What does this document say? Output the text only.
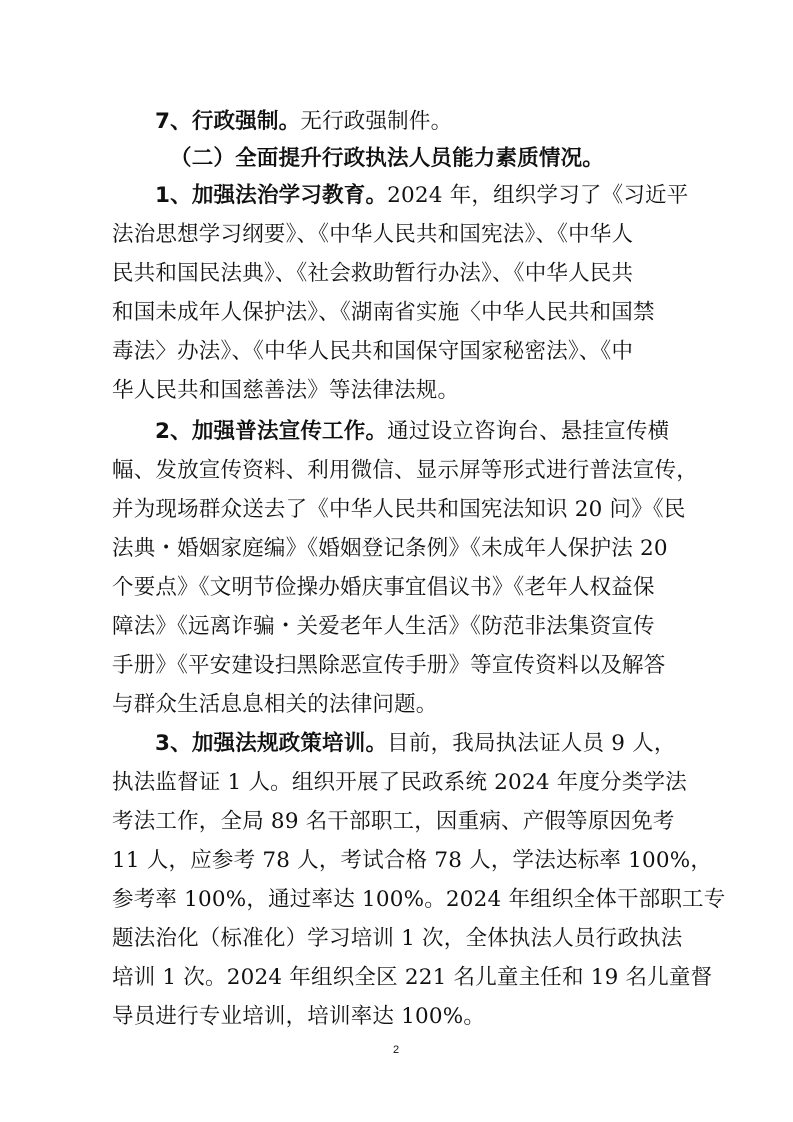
7、行政强制。无行政强制件。
（二）全面提升行政执法人员能力素质情况。
1、加强法治学习教育。2024 年，组织学习了《习近平
法治思想学习纲要》、《中华人民共和国宪法》、《中华人
民共和国民法典》、《社会救助暂行办法》、《中华人民共
和国未成年人保护法》、《湖南省实施〈中华人民共和国禁
毒法〉办法》、《中华人民共和国保守国家秘密法》、《中
华人民共和国慈善法》等法律法规。
2、加强普法宣传工作。通过设立咨询台、悬挂宣传横
幅、发放宣传资料、利用微信、显示屏等形式进行普法宣传，
并为现场群众送去了《中华人民共和国宪法知识 20 问》《民
法典・婚姻家庭编》《婚姻登记条例》《未成年人保护法 20
个要点》《文明节俭操办婚庆事宜倡议书》《老年人权益保
障法》《远离诈骗・关爱老年人生活》《防范非法集资宣传
手册》《平安建设扫黑除恶宣传手册》等宣传资料以及解答
与群众生活息息相关的法律问题。
3、加强法规政策培训。目前，我局执法证人员 9 人，
执法监督证 1 人。组织开展了民政系统 2024 年度分类学法
考法工作，全局 89 名干部职工，因重病、产假等原因免考
11 人，应参考 78 人，考试合格 78 人，学法达标率 100%，
参考率 100%，通过率达 100%。2024 年组织全体干部职工专
题法治化（标准化）学习培训 1 次，全体执法人员行政执法
培训 1 次。2024 年组织全区 221 名儿童主任和 19 名儿童督
导员进行专业培训，培训率达 100%。
2
